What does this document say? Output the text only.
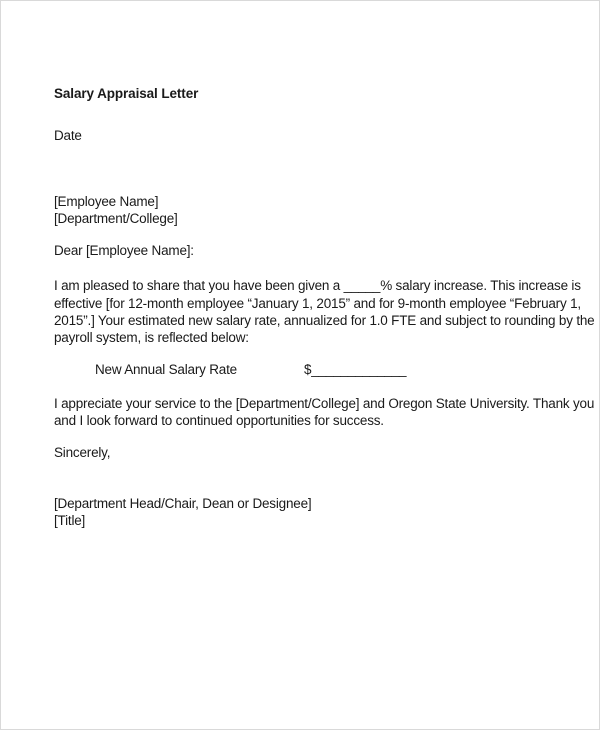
Salary Appraisal Letter
Date
[Employee Name]
[Department/College]
Dear [Employee Name]:
I am pleased to share that you have been given a _____% salary increase. This increase is
effective [for 12-month employee “January 1, 2015” and for 9-month employee “February 1,
2015”.] Your estimated new salary rate, annualized for 1.0 FTE and subject to rounding by the
payroll system, is reflected below:
New Annual Salary Rate	$_____________
I appreciate your service to the [Department/College] and Oregon State University. Thank you
and I look forward to continued opportunities for success.
Sincerely,
[Department Head/Chair, Dean or Designee]
[Title]
